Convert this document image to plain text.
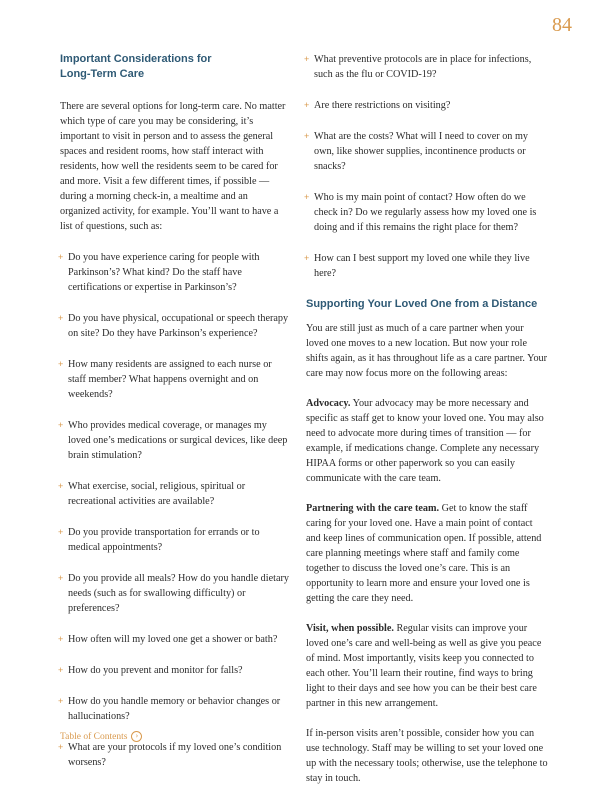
84
Important Considerations for
Long-Term Care

There are several options for long-term care. No matter which type of care you may be considering, it’s important to visit in person and to assess the general spaces and resident rooms, how staff interact with residents, how well the residents seem to be cared for and more. Visit a few different times, if possible — during a morning check-in, a mealtime and an organized activity, for example. You’ll want to have a list of questions, such as:

+ Do you have experience caring for people with Parkinson’s? What kind? Do the staff have certifications or expertise in Parkinson’s?
+ Do you have physical, occupational or speech therapy on site? Do they have Parkinson’s experience?
+ How many residents are assigned to each nurse or staff member? What happens overnight and on weekends?
+ Who provides medical coverage, or manages my loved one’s medications or surgical devices, like deep brain stimulation?
+ What exercise, social, religious, spiritual or recreational activities are available?
+ Do you provide transportation for errands or to medical appointments?
+ Do you provide all meals? How do you handle dietary needs (such as for swallowing difficulty) or preferences?
+ How often will my loved one get a shower or bath?
+ How do you prevent and monitor for falls?
+ How do you handle memory or behavior changes or hallucinations?
+ What are your protocols if my loved one’s condition worsens?
+ What preventive protocols are in place for infections, such as the flu or COVID-19?
+ Are there restrictions on visiting?
+ What are the costs? What will I need to cover on my own, like shower supplies, incontinence products or snacks?
+ Who is my main point of contact? How often do we check in? Do we regularly assess how my loved one is doing and if this remains the right place for them?
+ How can I best support my loved one while they live here?
Supporting Your Loved One from a Distance

You are still just as much of a care partner when your loved one moves to a new location. But now your role shifts again, as it has throughout life as a care partner. Your care may now focus more on the following areas:

Advocacy. Your advocacy may be more necessary and specific as staff get to know your loved one. You may also need to advocate more during times of transition — for example, if medications change. Complete any necessary HIPAA forms or other paperwork so you can easily communicate with the care team.

Partnering with the care team. Get to know the staff caring for your loved one. Have a main point of contact and keep lines of communication open. If possible, attend care planning meetings where staff and family come together to discuss the loved one’s care. This is an opportunity to learn more and ensure your loved one is getting the care they need.

Visit, when possible. Regular visits can improve your loved one’s care and well-being as well as give you peace of mind. Most importantly, visits keep you connected to each other. You’ll learn their routine, find ways to bring light to their days and see how you can be their best care partner in this new arrangement.

If in-person visits aren’t possible, consider how you can use technology. Staff may be willing to set your loved one up with the necessary tools; otherwise, use the telephone to stay in touch.

Table of Contents	›
